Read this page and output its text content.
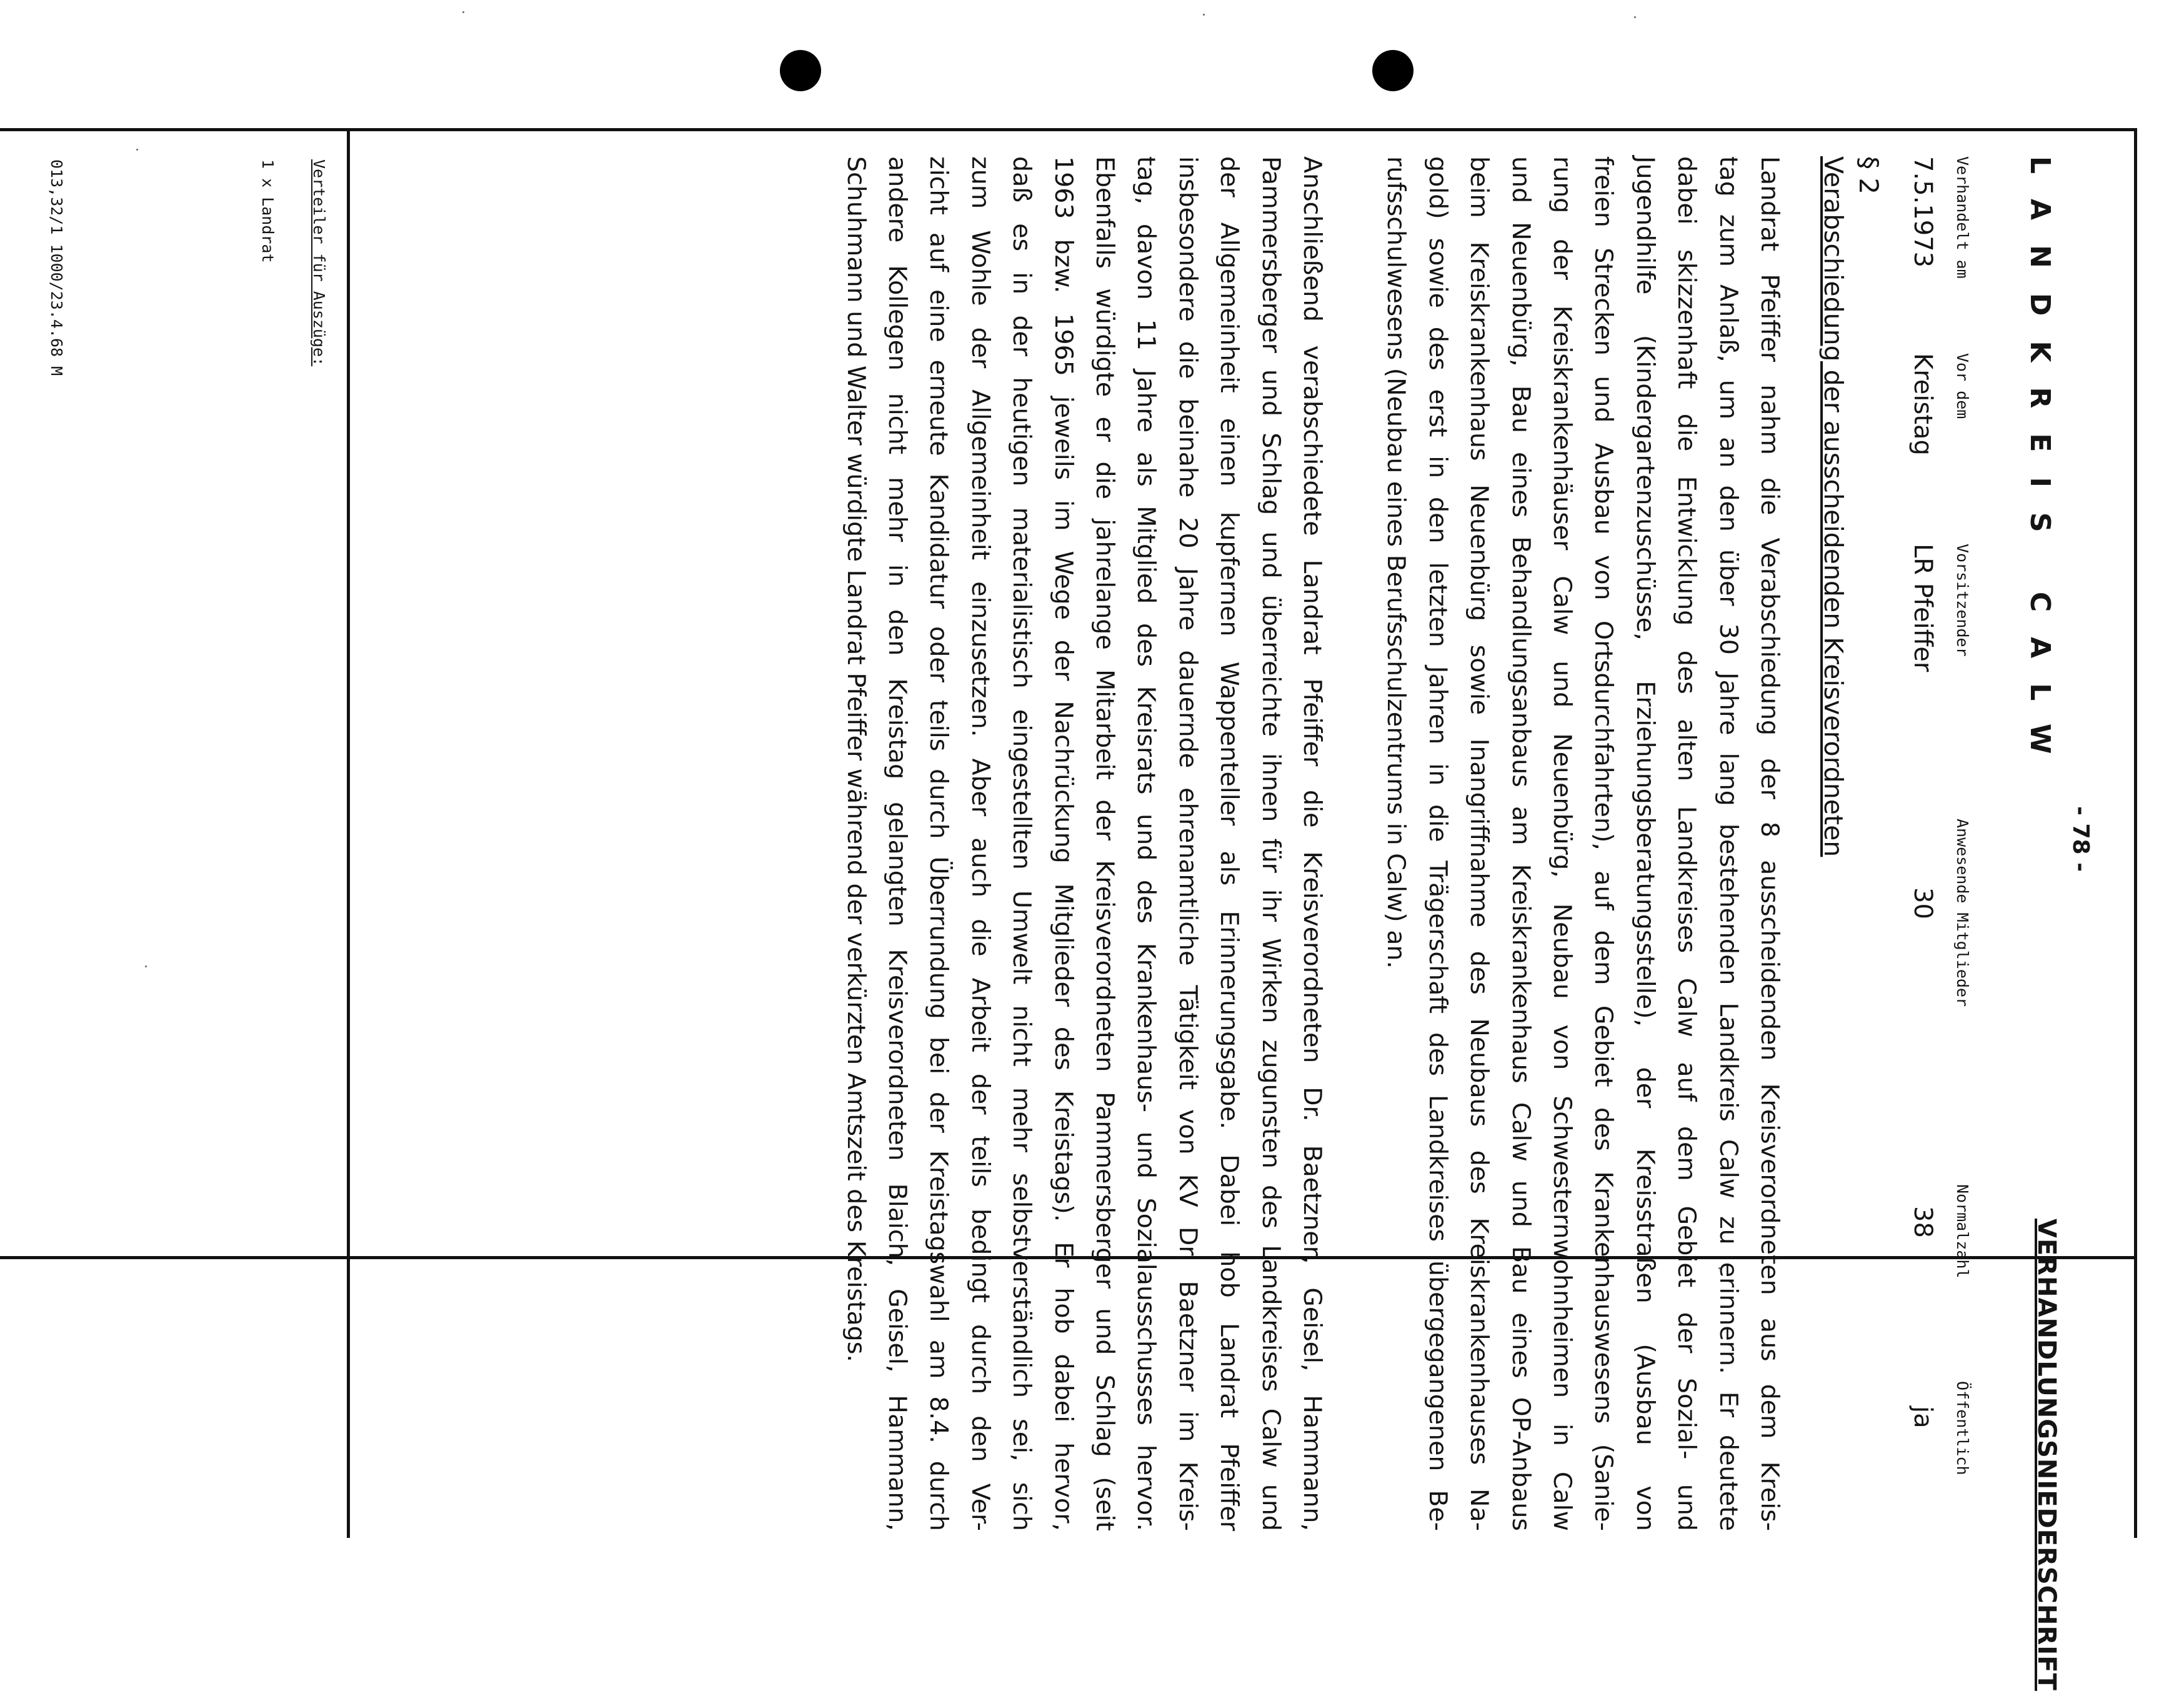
Verteiler für Auszüge:
1 x Landrat
013,32/1 1000/23.4.68 M
- 78 -
LANDKREIS CALW
VERHANDLUNGSNIEDERSCHRIFT
Verhandelt am
7.5.1973
Vor dem
Kreistag
Vorsitzender
LR Pfeiffer
Anwesende Mitglieder
30
Normalzahl
38
Öffentlich
ja
§ 2
Verabschiedung der ausscheidenden Kreisverordneten
Landrat Pfeiffer nahm die Verabschiedung der 8 ausscheidenden Kreisverordneten aus dem Kreis-
tag zum Anlaß, um an den über 30 Jahre lang bestehenden Landkreis Calw zu erinnern. Er deutete
dabei skizzenhaft die Entwicklung des alten Landkreises Calw auf dem Gebiet der Sozial- und
Jugendhilfe (Kindergartenzuschüsse, Erziehungsberatungsstelle), der Kreisstraßen (Ausbau von
freien Strecken und Ausbau von Ortsdurchfahrten), auf dem Gebiet des Krankenhauswesens (Sanie-
rung der Kreiskrankenhäuser Calw und Neuenbürg, Neubau von Schwesternwohnheimen in Calw
und Neuenbürg, Bau eines Behandlungsanbaus am Kreiskrankenhaus Calw und Bau eines OP-Anbaus
beim Kreiskrankenhaus Neuenbürg sowie Inangriffnahme des Neubaus des Kreiskrankenhauses Na-
gold) sowie des erst in den letzten Jahren in die Trägerschaft des Landkreises übergegangenen Be-
rufsschulwesens (Neubau eines Berufsschulzentrums in Calw) an.
Anschließend verabschiedete Landrat Pfeiffer die Kreisverordneten Dr. Baetzner, Geisel, Hammann,
Pammersberger und Schlag und überreichte ihnen für ihr Wirken zugunsten des Landkreises Calw und
der Allgemeinheit einen kupfernen Wappenteller als Erinnerungsgabe. Dabei hob Landrat Pfeiffer
insbesondere die beinahe 20 Jahre dauernde ehrenamtliche Tätigkeit von KV Dr. Baetzner im Kreis-
tag, davon 11 Jahre als Mitglied des Kreisrats und des Krankenhaus- und Sozialausschusses hervor.
Ebenfalls würdigte er die jahrelange Mitarbeit der Kreisverordneten Pammersberger und Schlag (seit
1963 bzw. 1965 jeweils im Wege der Nachrückung Mitglieder des Kreistags). Er hob dabei hervor,
daß es in der heutigen materialistisch eingestellten Umwelt nicht mehr selbstverständlich sei, sich
zum Wohle der Allgemeinheit einzusetzen. Aber auch die Arbeit der teils bedingt durch den Ver-
zicht auf eine erneute Kandidatur oder teils durch Überrundung bei der Kreistagswahl am 8.4. durch
andere Kollegen nicht mehr in den Kreistag gelangten Kreisverordneten Blaich, Geisel, Hammann,
Schuhmann und Walter würdigte Landrat Pfeiffer während der verkürzten Amtszeit des Kreistags.
